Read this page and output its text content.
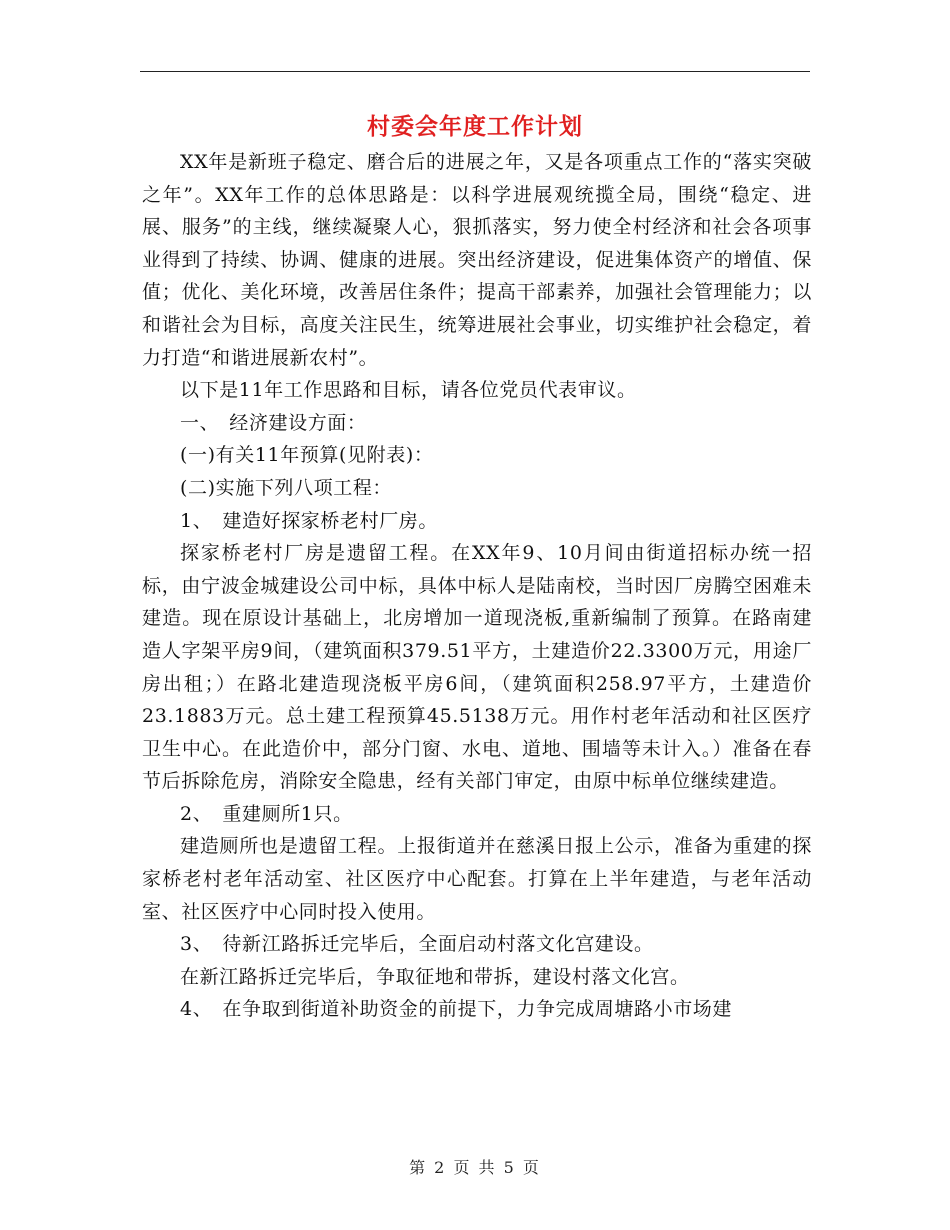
村委会年度工作计划

XX年是新班子稳定、磨合后的进展之年，又是各项重点工作的“落实突破之年”。XX年工作的总体思路是：以科学进展观统揽全局，围绕“稳定、进展、服务”的主线，继续凝聚人心，狠抓落实，努力使全村经济和社会各项事业得到了持续、协调、健康的进展。突出经济建设，促进集体资产的增值、保值；优化、美化环境，改善居住条件；提高干部素养，加强社会管理能力；以和谐社会为目标，高度关注民生，统筹进展社会事业，切实维护社会稳定，着力打造“和谐进展新农村”。

以下是11年工作思路和目标，请各位党员代表审议。

一、　经济建设方面：

(一)有关11年预算(见附表)：

(二)实施下列八项工程：

1、　建造好探家桥老村厂房。

探家桥老村厂房是遗留工程。在XX年9、10月间由街道招标办统一招标，由宁波金城建设公司中标，具体中标人是陆南校，当时因厂房腾空困难未建造。现在原设计基础上，北房增加一道现浇板,重新编制了预算。在路南建造人字架平房9间，（建筑面积379.51平方，土建造价22.3300万元，用途厂房出租；）在路北建造现浇板平房6间，（建筑面积258.97平方，土建造价23.1883万元。总土建工程预算45.5138万元。用作村老年活动和社区医疗卫生中心。在此造价中，部分门窗、水电、道地、围墙等未计入。）准备在春节后拆除危房，消除安全隐患，经有关部门审定，由原中标单位继续建造。

2、　重建厕所1只。

建造厕所也是遗留工程。上报街道并在慈溪日报上公示，准备为重建的探家桥老村老年活动室、社区医疗中心配套。打算在上半年建造，与老年活动室、社区医疗中心同时投入使用。

3、　待新江路拆迁完毕后，全面启动村落文化宫建设。

在新江路拆迁完毕后，争取征地和带拆，建设村落文化宫。

4、　在争取到街道补助资金的前提下，力争完成周塘路小市场建

第 2 页 共 5 页
